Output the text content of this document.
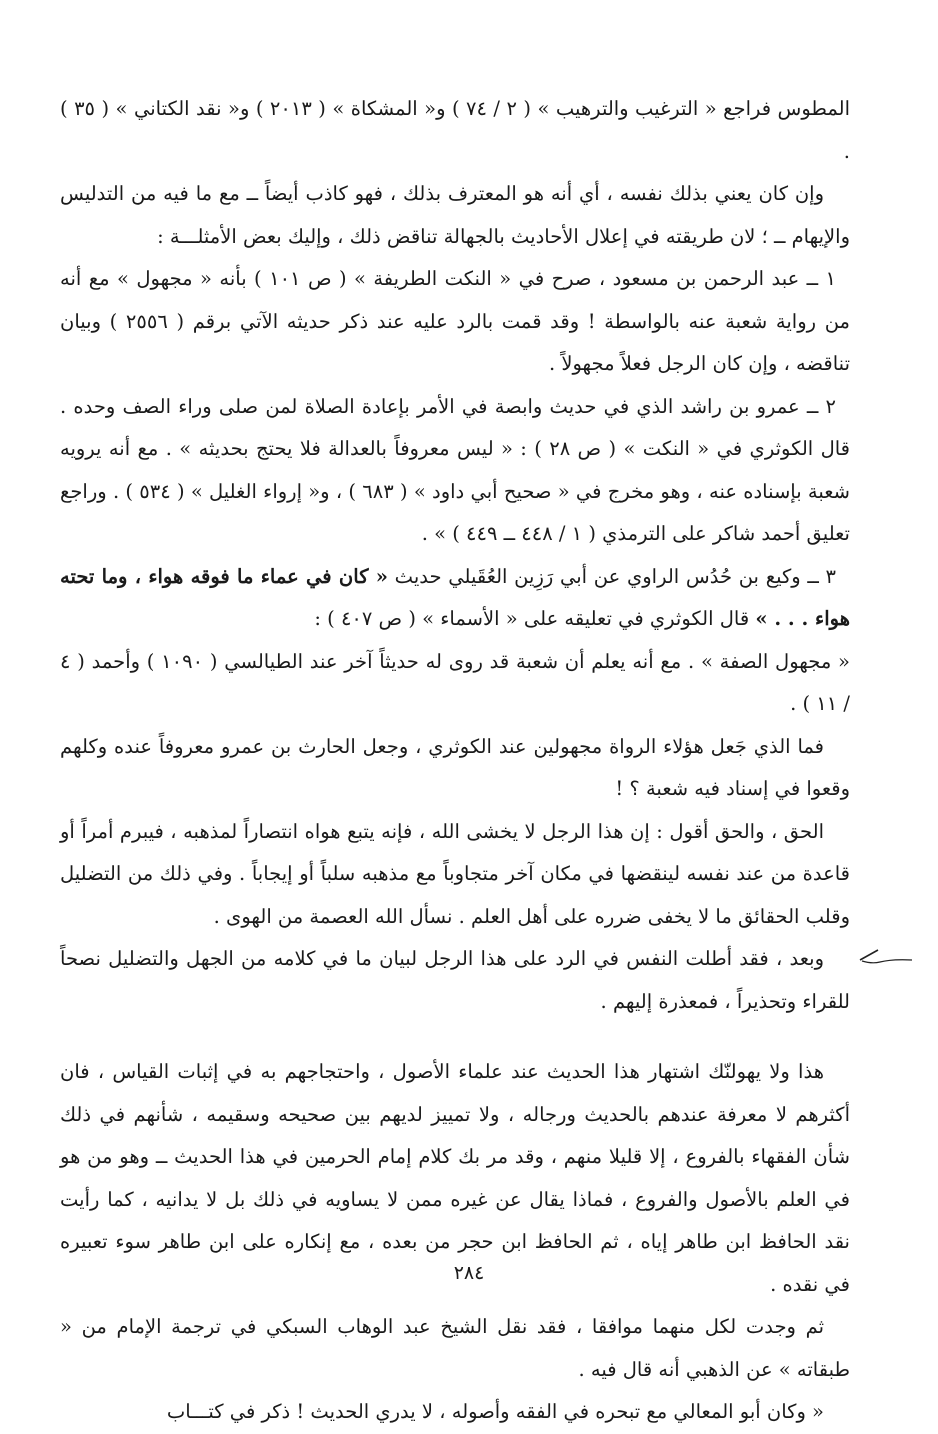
المطوس فراجع « الترغيب والترهيب » ( ٢ / ٧٤ ) و« المشكاة » ( ٢٠١٣ ) و« نقد الكتاني » ( ٣٥ ) .

وإن كان يعني بذلك نفسه ، أي أنه هو المعترف بذلك ، فهو كاذب أيضاً ــ مع ما فيه من التدليس والإيهام ــ ؛ لان طريقته في إعلال الأحاديث بالجهالة تناقض ذلك ، وإليك بعض الأمثلـــة :

١ ــ عبد الرحمن بن مسعود ، صرح في « النكت الطريفة » ( ص ١٠١ ) بأنه « مجهول » مع أنه من رواية شعبة عنه بالواسطة ! وقد قمت بالرد عليه عند ذكر حديثه الآتي برقم ( ٢٥٥٦ ) وبيان تناقضه ، وإن كان الرجل فعلاً مجهولاً .

٢ ــ عمرو بن راشد الذي في حديث وابصة في الأمر بإعادة الصلاة لمن صلى وراء الصف وحده . قال الكوثري في « النكت » ( ص ٢٨ ) : « ليس معروفاً بالعدالة فلا يحتج بحديثه » . مع أنه يرويه شعبة بإسناده عنه ، وهو مخرج في « صحيح أبي داود » ( ٦٨٣ ) ، و« إرواء الغليل » ( ٥٣٤ ) . وراجع تعليق أحمد شاكر على الترمذي ( ١ / ٤٤٨ ــ ٤٤٩ ) » .

٣ ــ وكيع بن حُدُس الراوي عن أبي رَزِين العُقَيلي حديث « كان في عماء ما فوقه هواء ، وما تحته هواء . . . » قال الكوثري في تعليقه على « الأسماء » ( ص ٤٠٧ ) :

« مجهول الصفة » . مع أنه يعلم أن شعبة قد روى له حديثاً آخر عند الطيالسي ( ١٠٩٠ ) وأحمد ( ٤ / ١١ ) .

فما الذي جَعل هؤلاء الرواة مجهولين عند الكوثري ، وجعل الحارث بن عمرو معروفاً عنده وكلهم وقعوا في إسناد فيه شعبة ؟ !

الحق ، والحق أقول : إن هذا الرجل لا يخشى الله ، فإنه يتبع هواه انتصاراً لمذهبه ، فيبرم أمراً أو قاعدة من عند نفسه لينقضها في مكان آخر متجاوباً مع مذهبه سلباً أو إيجاباً . وفي ذلك من التضليل وقلب الحقائق ما لا يخفى ضرره على أهل العلم . نسأل الله العصمة من الهوى .

وبعد ، فقد أطلت النفس في الرد على هذا الرجل لبيان ما في كلامه من الجهل والتضليل نصحاً للقراء وتحذيراً ، فمعذرة إليهم .

هذا ولا يهولنّك اشتهار هذا الحديث عند علماء الأصول ، واحتجاجهم به في إثبات القياس ، فان أكثرهم لا معرفة عندهم بالحديث ورجاله ، ولا تمييز لديهم بين صحيحه وسقيمه ، شأنهم في ذلك شأن الفقهاء بالفروع ، إلا قليلا منهم ، وقد مر بك كلام إمام الحرمين في هذا الحديث ــ وهو من هو في العلم بالأصول والفروع ، فماذا يقال عن غيره ممن لا يساويه في ذلك بل لا يدانيه ، كما رأيت نقد الحافظ ابن طاهر إياه ، ثم الحافظ ابن حجر من بعده ، مع إنكاره على ابن طاهر سوء تعبيره في نقده .

ثم وجدت لكل منهما موافقا ، فقد نقل الشيخ عبد الوهاب السبكي في ترجمة الإمام من « طبقاته » عن الذهبي أنه قال فيه .

« وكان أبو المعالي مع تبحره في الفقه وأصوله ، لا يدري الحديث ! ذكر في كتـــاب

٢٨٤
